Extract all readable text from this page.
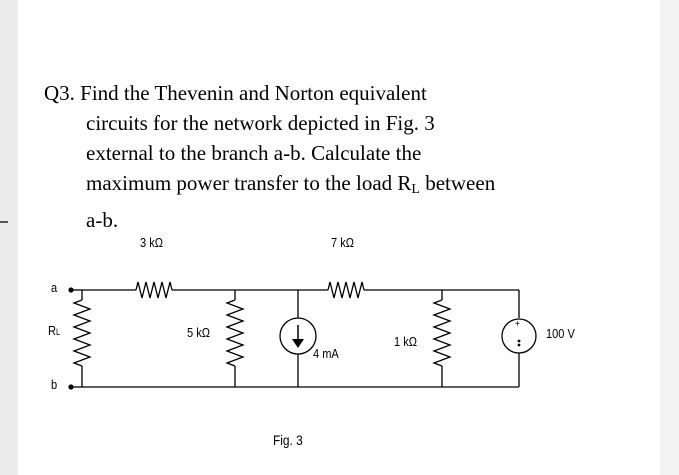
Q3. Find the Thevenin and Norton equivalent
circuits for the network depicted in Fig. 3
external to the branch a-b. Calculate the
maximum power transfer to the load $R_L$ between
a-b.
a
b
3 kΩ	7 kΩ
RL	5 kΩ
4 mA
1 kΩ
+
100 V
Fig. 3
